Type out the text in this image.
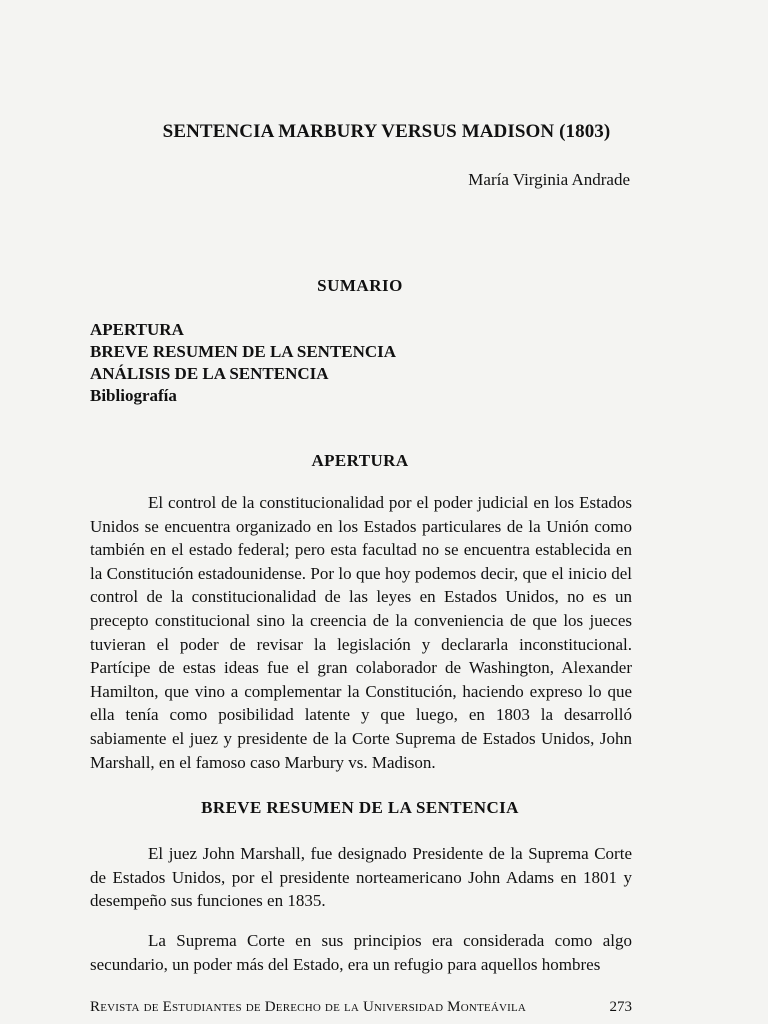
SENTENCIA MARBURY VERSUS MADISON (1803)
María Virginia Andrade
SUMARIO
APERTURA
BREVE RESUMEN DE LA SENTENCIA
ANÁLISIS DE LA SENTENCIA
Bibliografía
APERTURA

El control de la constitucionalidad por el poder judicial en los Estados Unidos se encuentra organizado en los Estados particulares de la Unión como también en el estado federal; pero esta facultad no se encuentra establecida en la Constitución estadounidense. Por lo que hoy podemos decir, que el inicio del control de la constitucionalidad de las leyes en Estados Unidos, no es un precepto constitucional sino la creencia de la conveniencia de que los jueces tuvieran el poder de revisar la legislación y declararla inconstitucional. Partícipe de estas ideas fue el gran colaborador de Washington, Alexander Hamilton, que vino a complementar la Constitución, haciendo expreso lo que ella tenía como posibilidad latente y que luego, en 1803 la desarrolló sabiamente el juez y presidente de la Corte Suprema de Estados Unidos, John Marshall, en el famoso caso Marbury vs. Madison.

BREVE RESUMEN DE LA SENTENCIA

El juez John Marshall, fue designado Presidente de la Suprema Corte de Estados Unidos, por el presidente norteamericano John Adams en 1801 y desempeño sus funciones en 1835.

La Suprema Corte en sus principios era considerada como algo secundario, un poder más del Estado, era un refugio para aquellos hombres

Revista de Estudiantes de Derecho de la Universidad Monteávila	273
